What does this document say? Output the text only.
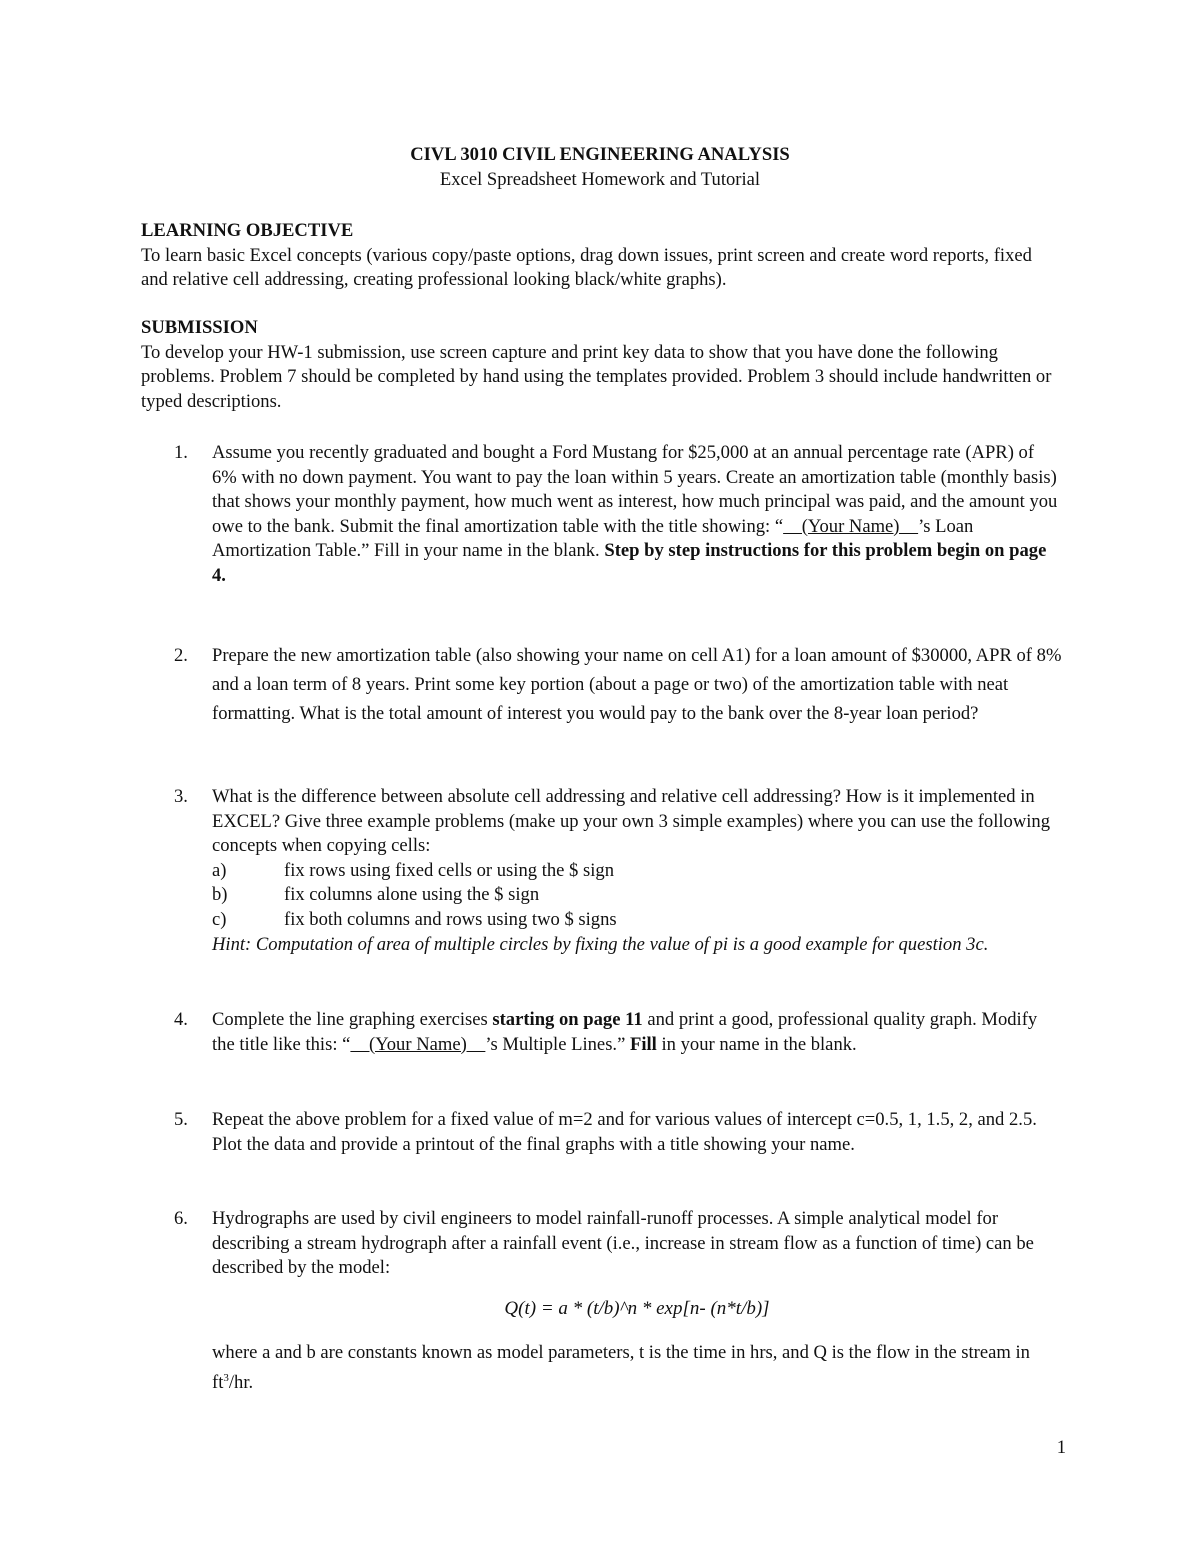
CIVL 3010 CIVIL ENGINEERING ANALYSIS
Excel Spreadsheet Homework and Tutorial
LEARNING OBJECTIVE

To learn basic Excel concepts (various copy/paste options, drag down issues, print screen and create word reports, fixed and relative cell addressing, creating professional looking black/white graphs).

SUBMISSION

To develop your HW-1 submission, use screen capture and print key data to show that you have done the following problems. Problem 7 should be completed by hand using the templates provided. Problem 3 should include handwritten or typed descriptions.

1.	Assume you recently graduated and bought a Ford Mustang for $25,000 at an annual percentage rate (APR) of 6% with no down payment. You want to pay the loan within 5 years. Create an amortization table (monthly basis) that shows your monthly payment, how much went as interest, how much principal was paid, and the amount you owe to the bank. Submit the final amortization table with the title showing: “    (Your Name)    ’s Loan Amortization Table.” Fill in your name in the blank. Step by step instructions for this problem begin on page 4.
2.	Prepare the new amortization table (also showing your name on cell A1) for a loan amount of $30000, APR of 8% and a loan term of 8 years. Print some key portion (about a page or two) of the amortization table with neat formatting. What is the total amount of interest you would pay to the bank over the 8-year loan period?
3.	What is the difference between absolute cell addressing and relative cell addressing? How is it implemented in EXCEL? Give three example problems (make up your own 3 simple examples) where you can use the following concepts when copying cells:
a)	fix rows using fixed cells or using the $ sign
b)	fix columns alone using the $ sign
c)	fix both columns and rows using two $ signs
Hint: Computation of area of multiple circles by fixing the value of pi is a good example for question 3c.
4.	Complete the line graphing exercises starting on page 11 and print a good, professional quality graph. Modify the title like this: “    (Your Name)    ’s Multiple Lines.” Fill in your name in the blank.
5.	Repeat the above problem for a fixed value of m=2 and for various values of intercept c=0.5, 1, 1.5, 2, and 2.5. Plot the data and provide a printout of the final graphs with a title showing your name.
6.	Hydrographs are used by civil engineers to model rainfall-runoff processes. A simple analytical model for describing a stream hydrograph after a rainfall event (i.e., increase in stream flow as a function of time) can be described by the model:
Q(t) = a * (t/b)^n * exp[n- (n*t/b)]
where a and b are constants known as model parameters, t is the time in hrs, and Q is the flow in the stream in $ft^3/hr$.
1
